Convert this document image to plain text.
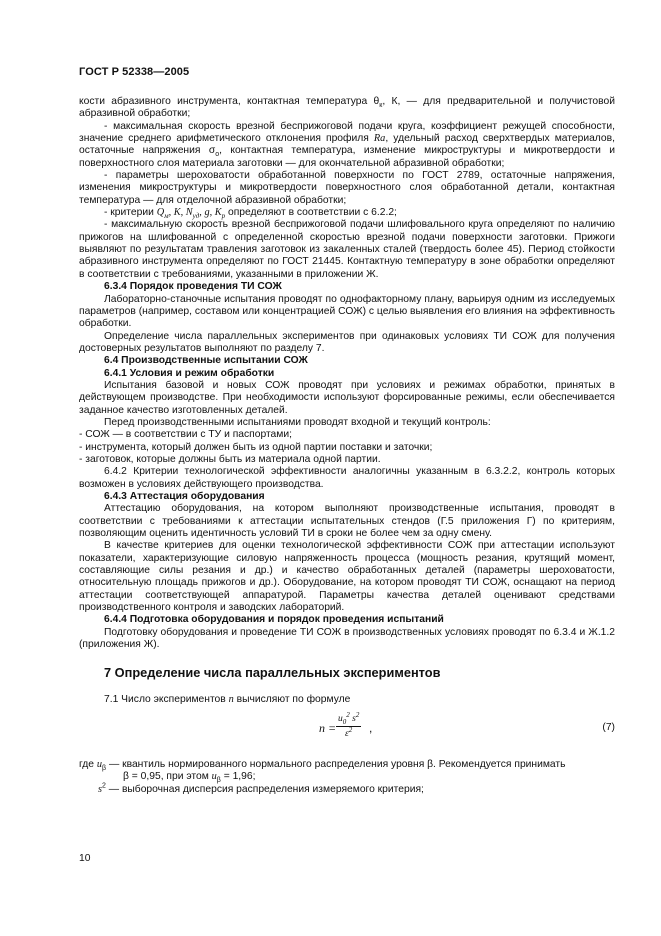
ГОСТ Р 52338—2005

кости абразивного инструмента, контактная температура $\theta_к$, К, — для предварительной и получистовой абразивной обработки;

- максимальная скорость врезной бесприжоговой подачи круга, коэффициент режущей способности, значение среднего арифметического отклонения профиля Ra, удельный расход сверхтвердых материалов, остаточные напряжения $\sigma_о$, контактная температура, изменение микроструктуры и микротвердости и поверхностного слоя материала заготовки — для окончательной абразивной обработки;

- параметры шероховатости обработанной поверхности по ГОСТ 2789, остаточные напряжения, изменения микроструктуры и микротвердости поверхностного слоя обработанной детали, контактная температура — для отделочной абразивной обработки;

- критерии $Q_м$, K, $N_{уд}$, g, $K_р$ определяют в соответствии с 6.2.2;

- максимальную скорость врезной бесприжоговой подачи шлифовального круга определяют по наличию прижогов на шлифованной с определенной скоростью врезной подачи поверхности заготовки. Прижоги выявляют по результатам травления заготовок из закаленных сталей (твердость более 45). Период стойкости абразивного инструмента определяют по ГОСТ 21445. Контактную температуру в зоне обработки определяют в соответствии с требованиями, указанными в приложении Ж.

6.3.4 Порядок проведения ТИ СОЖ

Лабораторно-станочные испытания проводят по однофакторному плану, варьируя одним из исследуемых параметров (например, составом или концентрацией СОЖ) с целью выявления его влияния на эффективность обработки.

Определение числа параллельных экспериментов при одинаковых условиях ТИ СОЖ для получения достоверных результатов выполняют по разделу 7.

6.4 Производственные испытании СОЖ

6.4.1 Условия и режим обработки

Испытания базовой и новых СОЖ проводят при условиях и режимах обработки, принятых в действующем производстве. При необходимости используют форсированные режимы, если обеспечивается заданное качество изготовленных деталей.

Перед производственными испытаниями проводят входной и текущий контроль:

- СОЖ — в соответствии с ТУ и паспортами;

- инструмента, который должен быть из одной партии поставки и заточки;

- заготовок, которые должны быть из материала одной партии.

6.4.2 Критерии технологической эффективности аналогичны указанным в 6.3.2.2, контроль которых возможен в условиях действующего производства.

6.4.3 Аттестация оборудования

Аттестацию оборудования, на котором выполняют производственные испытания, проводят в соответствии с требованиями к аттестации испытательных стендов (Г.5 приложения Г) по критериям, позволяющим оценить идентичность условий ТИ в сроки не более чем за одну смену.

В качестве критериев для оценки технологической эффективности СОЖ при аттестации используют показатели, характеризующие силовую напряженность процесса (мощность резания, крутящий момент, составляющие силы резания и др.) и качество обработанных деталей (параметры шероховатости, относительную площадь прижогов и др.). Оборудование, на котором проводят ТИ СОЖ, оснащают на период аттестации соответствующей аппаратурой. Параметры качества деталей оценивают средствами производственного контроля и заводских лабораторий.

6.4.4 Подготовка оборудования и порядок проведения испытаний

Подготовку оборудования и проведение ТИ СОЖ в производственных условиях проводят по 6.3.4 и Ж.1.2 (приложения Ж).

7 Определение числа параллельных экспериментов

7.1 Число экспериментов n вычисляют по формуле

$n = \frac{u_0^2 s^2}{\varepsilon^2}$ ,	(7)

где $u_\beta$ — квантиль нормированного нормального распределения уровня β. Рекомендуется принимать

β = 0,95, при этом $u_\beta = 1,96$;

$s^2$ — выборочная дисперсия распределения измеряемого критерия;

10
